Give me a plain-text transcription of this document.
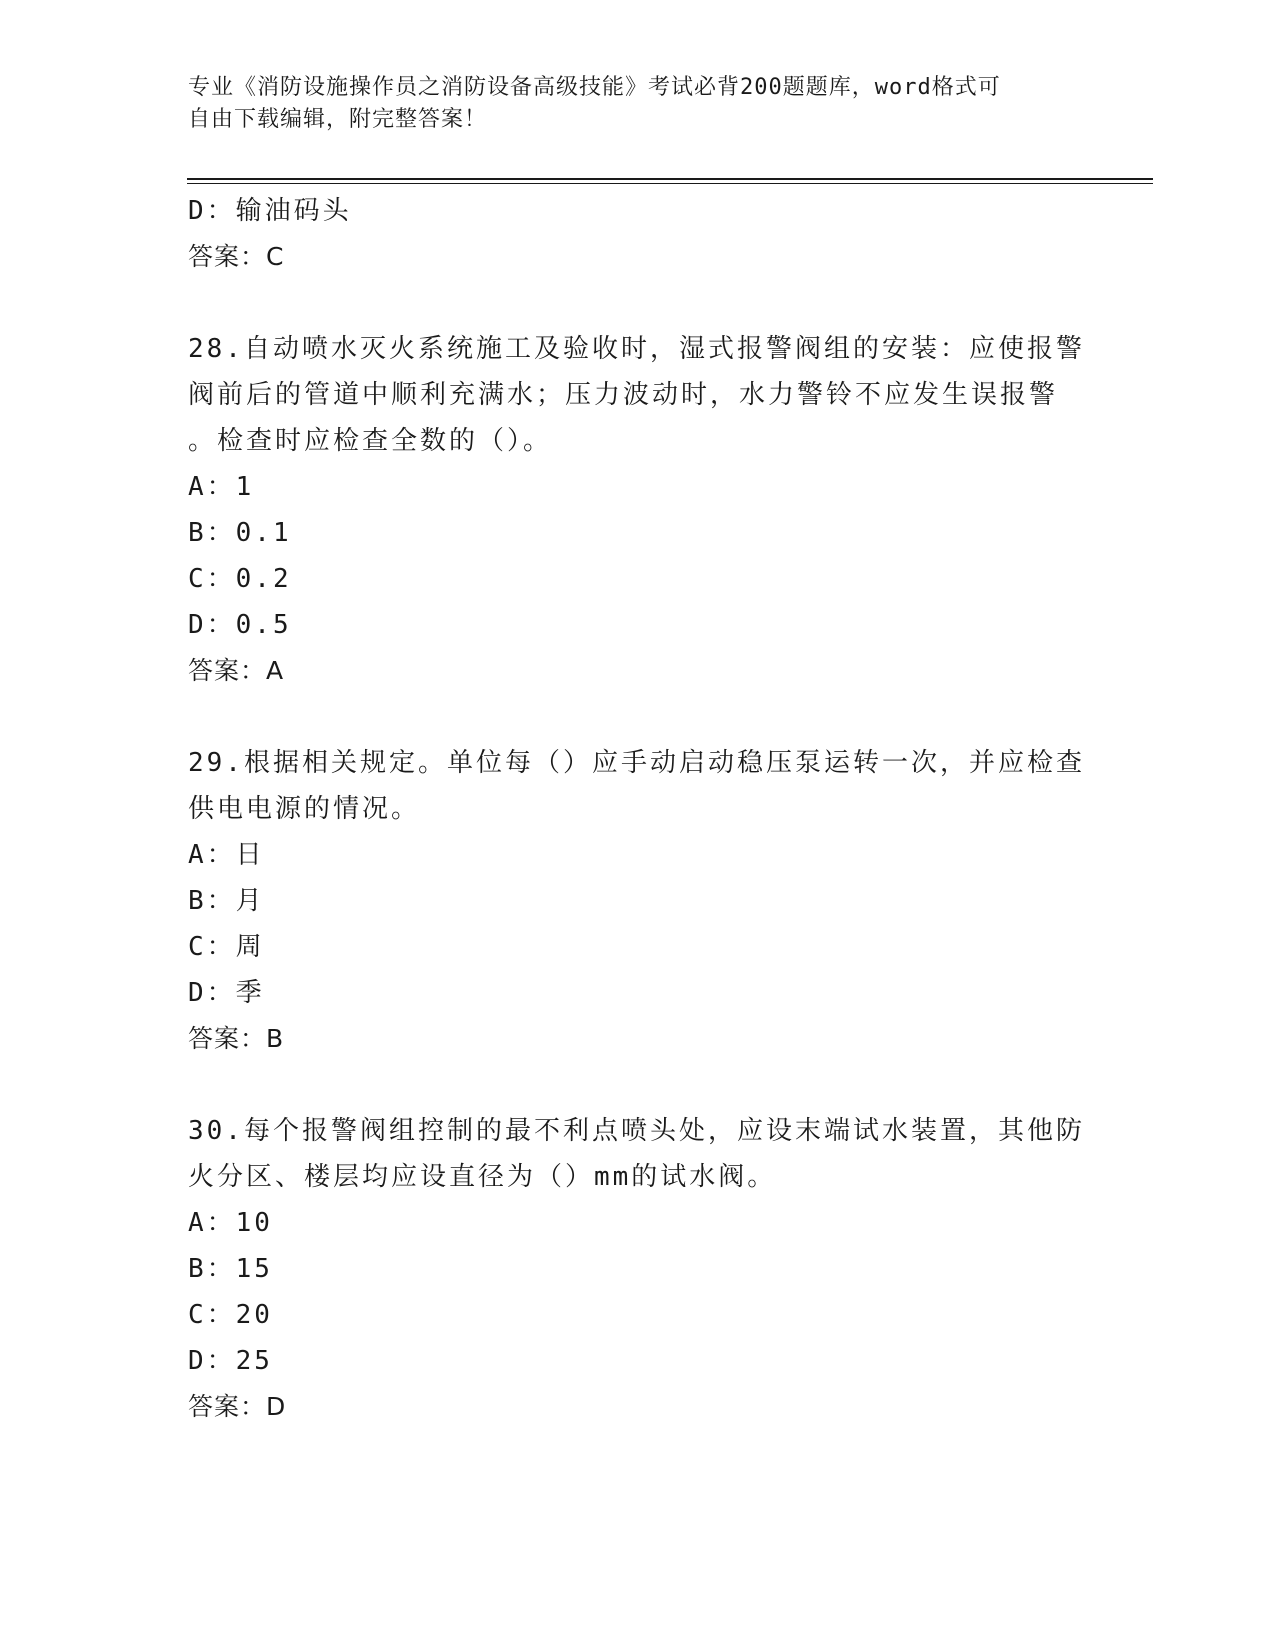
专业《消防设施操作员之消防设备高级技能》考试必背200题题库，word格式可
自由下载编辑，附完整答案！
D：输油码头
答案：C
28.自动喷水灭火系统施工及验收时，湿式报警阀组的安装：应使报警
阀前后的管道中顺利充满水；压力波动时，水力警铃不应发生误报警
。检查时应检查全数的（）。
A：1
B：0.1
C：0.2
D：0.5
答案：A
29.根据相关规定。单位每（）应手动启动稳压泵运转一次，并应检查
供电电源的情况。
A：日
B：月
C：周
D：季
答案：B
30.每个报警阀组控制的最不利点喷头处，应设末端试水装置，其他防
火分区、楼层均应设直径为（）mm的试水阀。
A：10
B：15
C：20
D：25
答案：D
